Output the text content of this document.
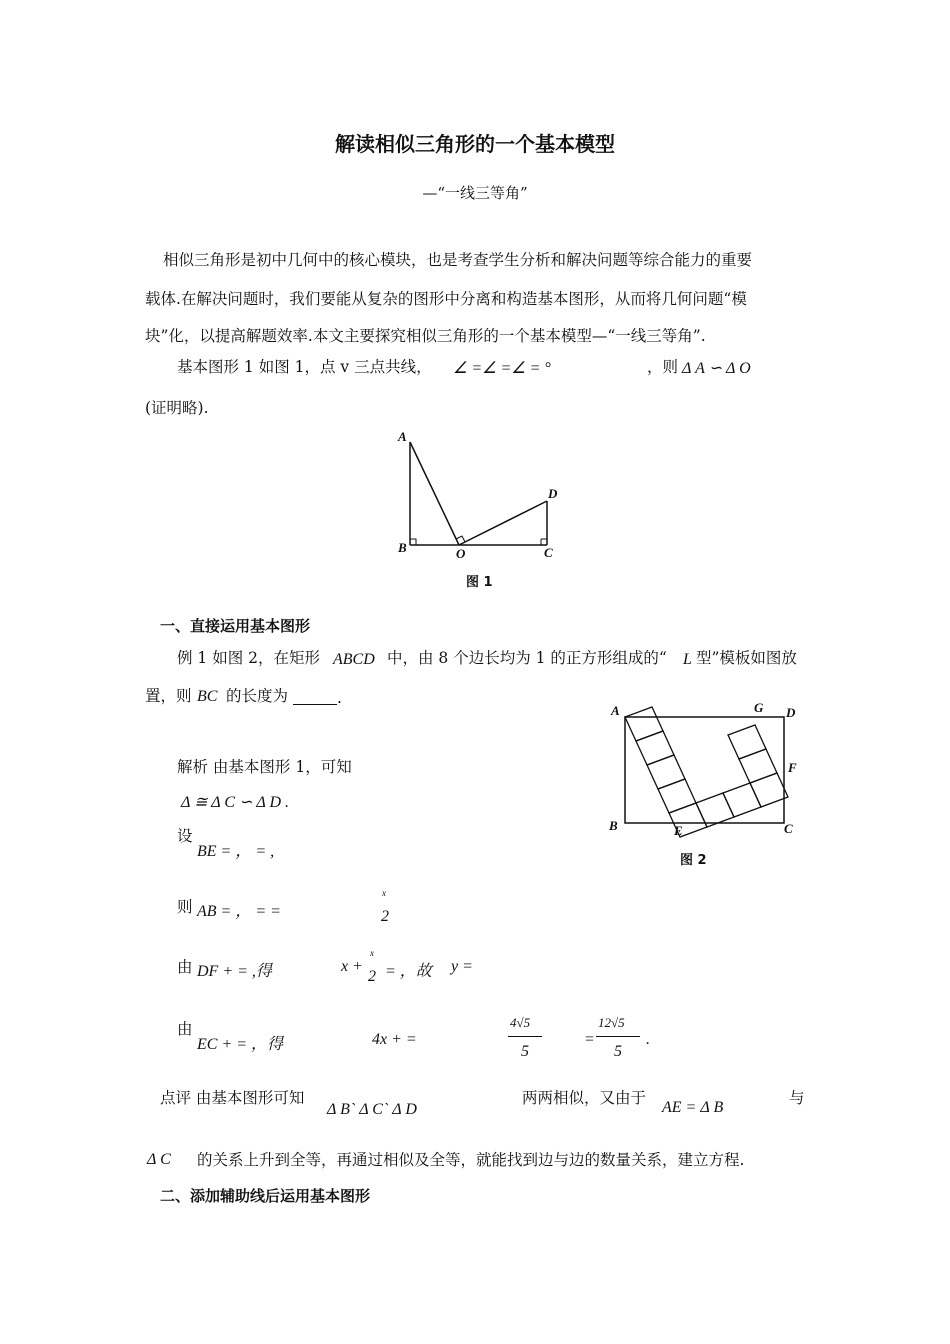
解读相似三角形的一个基本模型
—“一线三等角”
相似三角形是初中几何中的核心模块，也是考查学生分析和解决问题等综合能力的重要
载体.在解决问题时，我们要能从复杂的图形中分离和构造基本图形，从而将几何问题“模
块”化，以提高解题效率.本文主要探究相似三角形的一个基本模型—“一线三等角”.
基本图形 1 如图 1，点 v 三点共线， ∠ =∠ =∠ = °	，则 Δ A ∽ Δ O
(证明略).
A
B	O	C
D
图 1
一、直接运用基本图形
例 1 如图 2，在矩形 ABCD 中，由 8 个边长均为 1 的正方形组成的“ L 型”模板如图放
置，则 BC 的长度为	.
A	G D
F
B	E	C
图 2
解析 由基本图形 1，可知
Δ ≅ Δ C ∽ Δ D .
设
BE = ， = ,
则 AB = ， = =
x
2
由 DF + = ,得	x +
x
2 = ，故 y =
由
EC + = ，得	4x + =
4√5
5
=
12√5
5
.
点评 由基本图形可知
Δ B` Δ C` Δ D
两两相似，又由于
AE = Δ B
与
Δ C 的关系上升到全等，再通过相似及全等，就能找到边与边的数量关系，建立方程.
二、添加辅助线后运用基本图形
